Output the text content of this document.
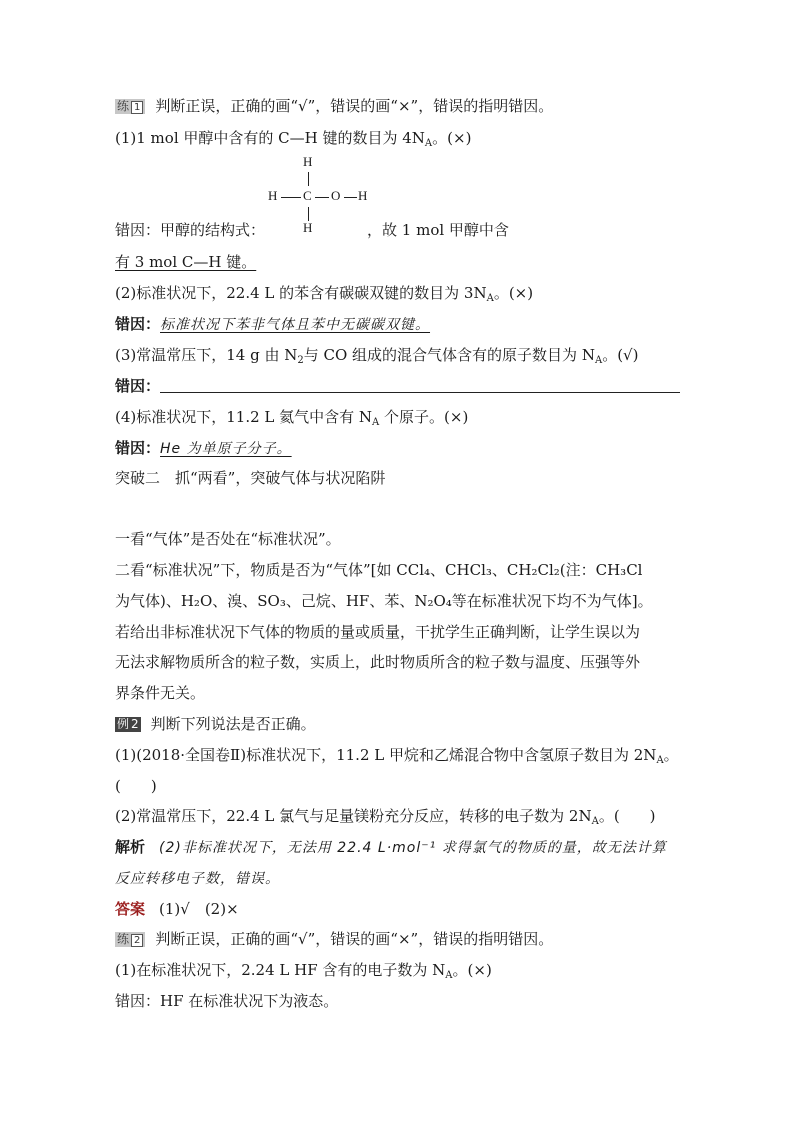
练 1 判断正误，正确的画“√”，错误的画“×”，错误的指明错因。
(1)1 mol 甲醇中含有的 C—H 键的数目为 $4N_A$。(×)
H
H C O H
H
错因：甲醇的结构式：	，故 1 mol 甲醇中含
有 3 mol C—H 键。
(2)标准状况下，22.4 L 的苯含有碳碳双键的数目为 $3N_A$。(×)
错因：标准状况下苯非气体且苯中无碳碳双键。
(3)常温常压下，14 g 由 $N_2$与 CO 组成的混合气体含有的原子数目为 $N_A$。(√)
错因：
(4)标准状况下，11.2 L 氦气中含有 $N_A$ 个原子。(×)
错因：He 为单原子分子。
突破二　抓“两看”，突破气体与状况陷阱
一看“气体”是否处在“标准状况”。
二看“标准状况”下，物质是否为“气体”[如 CCl₄、CHCl₃、CH₂Cl₂(注：CH₃Cl
为气体)、H₂O、溴、SO₃、己烷、HF、苯、N₂O₄等在标准状况下均不为气体]。
若给出非标准状况下气体的物质的量或质量，干扰学生正确判断，让学生误以为
无法求解物质所含的粒子数，实质上，此时物质所含的粒子数与温度、压强等外
界条件无关。
例 2 判断下列说法是否正确。
(1)(2018·全国卷Ⅱ)标准状况下，11.2 L 甲烷和乙烯混合物中含氢原子数目为 $2N_A$。
(　　)
(2)常温常压下，22.4 L 氯气与足量镁粉充分反应，转移的电子数为 $2N_A$。(　　)
解析 (2)非标准状况下，无法用 22.4 L·mol⁻¹ 求得氯气的物质的量，故无法计算
反应转移电子数，错误。
答案 (1)√　(2)×
练 2 判断正误，正确的画“√”，错误的画“×”，错误的指明错因。
(1)在标准状况下，2.24 L HF 含有的电子数为 $N_A$。(×)
错因：HF 在标准状况下为液态。
